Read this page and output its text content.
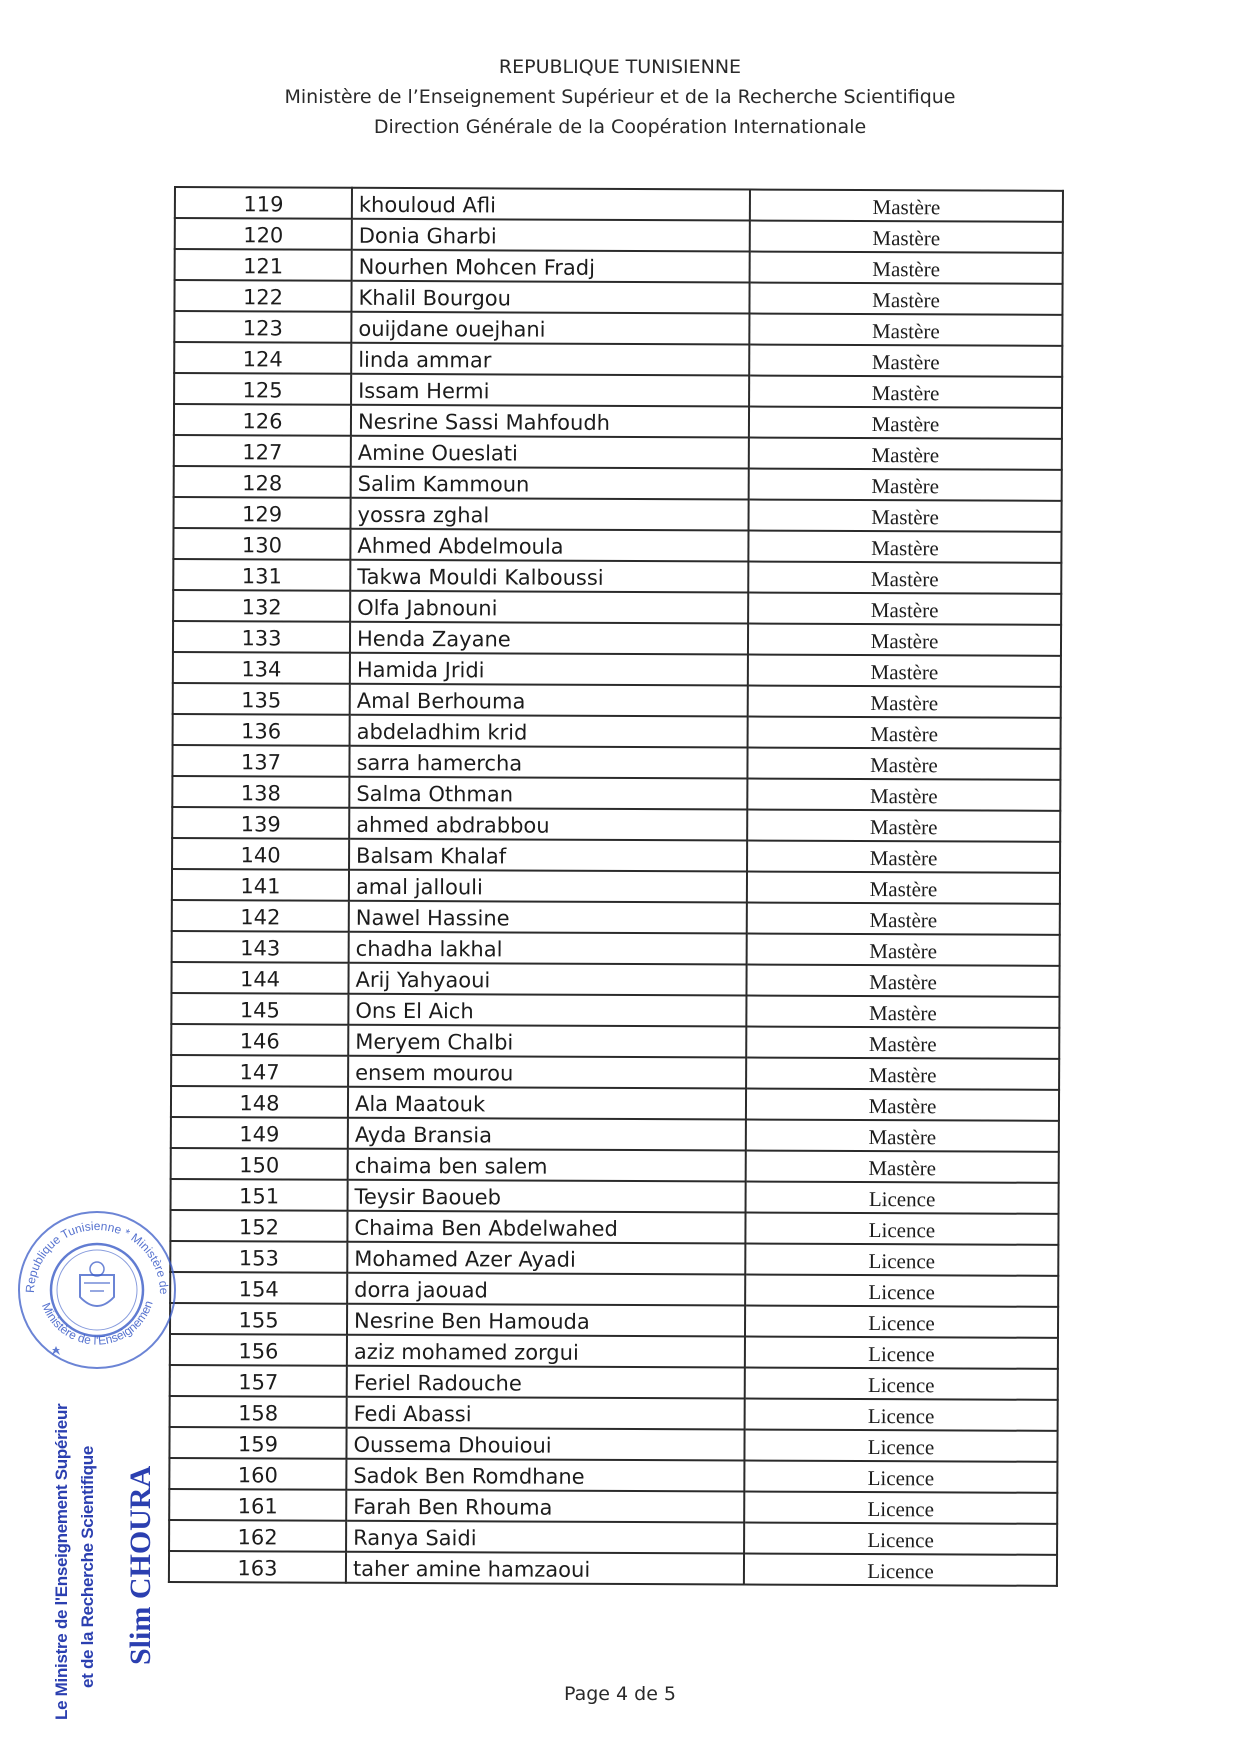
REPUBLIQUE TUNISIENNE
Ministère de l’Enseignement Supérieur et de la Recherche Scientifique
Direction Générale de la Coopération Internationale
119	khouloud Afli	Mastère
120	Donia Gharbi	Mastère
121	Nourhen Mohcen Fradj	Mastère
122	Khalil Bourgou	Mastère
123	ouijdane ouejhani	Mastère
124	linda ammar	Mastère
125	Issam Hermi	Mastère
126	Nesrine Sassi Mahfoudh	Mastère
127	Amine Oueslati	Mastère
128	Salim Kammoun	Mastère
129	yossra zghal	Mastère
130	Ahmed Abdelmoula	Mastère
131	Takwa Mouldi Kalboussi	Mastère
132	Olfa Jabnouni	Mastère
133	Henda Zayane	Mastère
134	Hamida Jridi	Mastère
135	Amal Berhouma	Mastère
136	abdeladhim krid	Mastère
137	sarra hamercha	Mastère
138	Salma Othman	Mastère
139	ahmed abdrabbou	Mastère
140	Balsam Khalaf	Mastère
141	amal jallouli	Mastère
142	Nawel Hassine	Mastère
143	chadha lakhal	Mastère
144	Arij Yahyaoui	Mastère
145	Ons El Aich	Mastère
146	Meryem Chalbi	Mastère
147	ensem mourou	Mastère
148	Ala Maatouk	Mastère
149	Ayda Bransia	Mastère
150	chaima ben salem	Mastère
151	Teysir Baoueb	Licence
152	Chaima Ben Abdelwahed	Licence
153	Mohamed Azer Ayadi	Licence
154	dorra jaouad	Licence
155	Nesrine Ben Hamouda	Licence
156	aziz mohamed zorgui	Licence
157	Feriel Radouche	Licence
158	Fedi Abassi	Licence
159	Oussema Dhouioui	Licence
160	Sadok Ben Romdhane	Licence
161	Farah Ben Rhouma	Licence
162	Ranya Saidi	Licence
163	taher amine hamzaoui	Licence
Republique Tunisienne * Ministère de
Ministère de l'Enseignemen
Le Ministre de l'Enseignement Supérieur et de la Recherche Scientifique Slim CHOURA
Page 4 de 5
